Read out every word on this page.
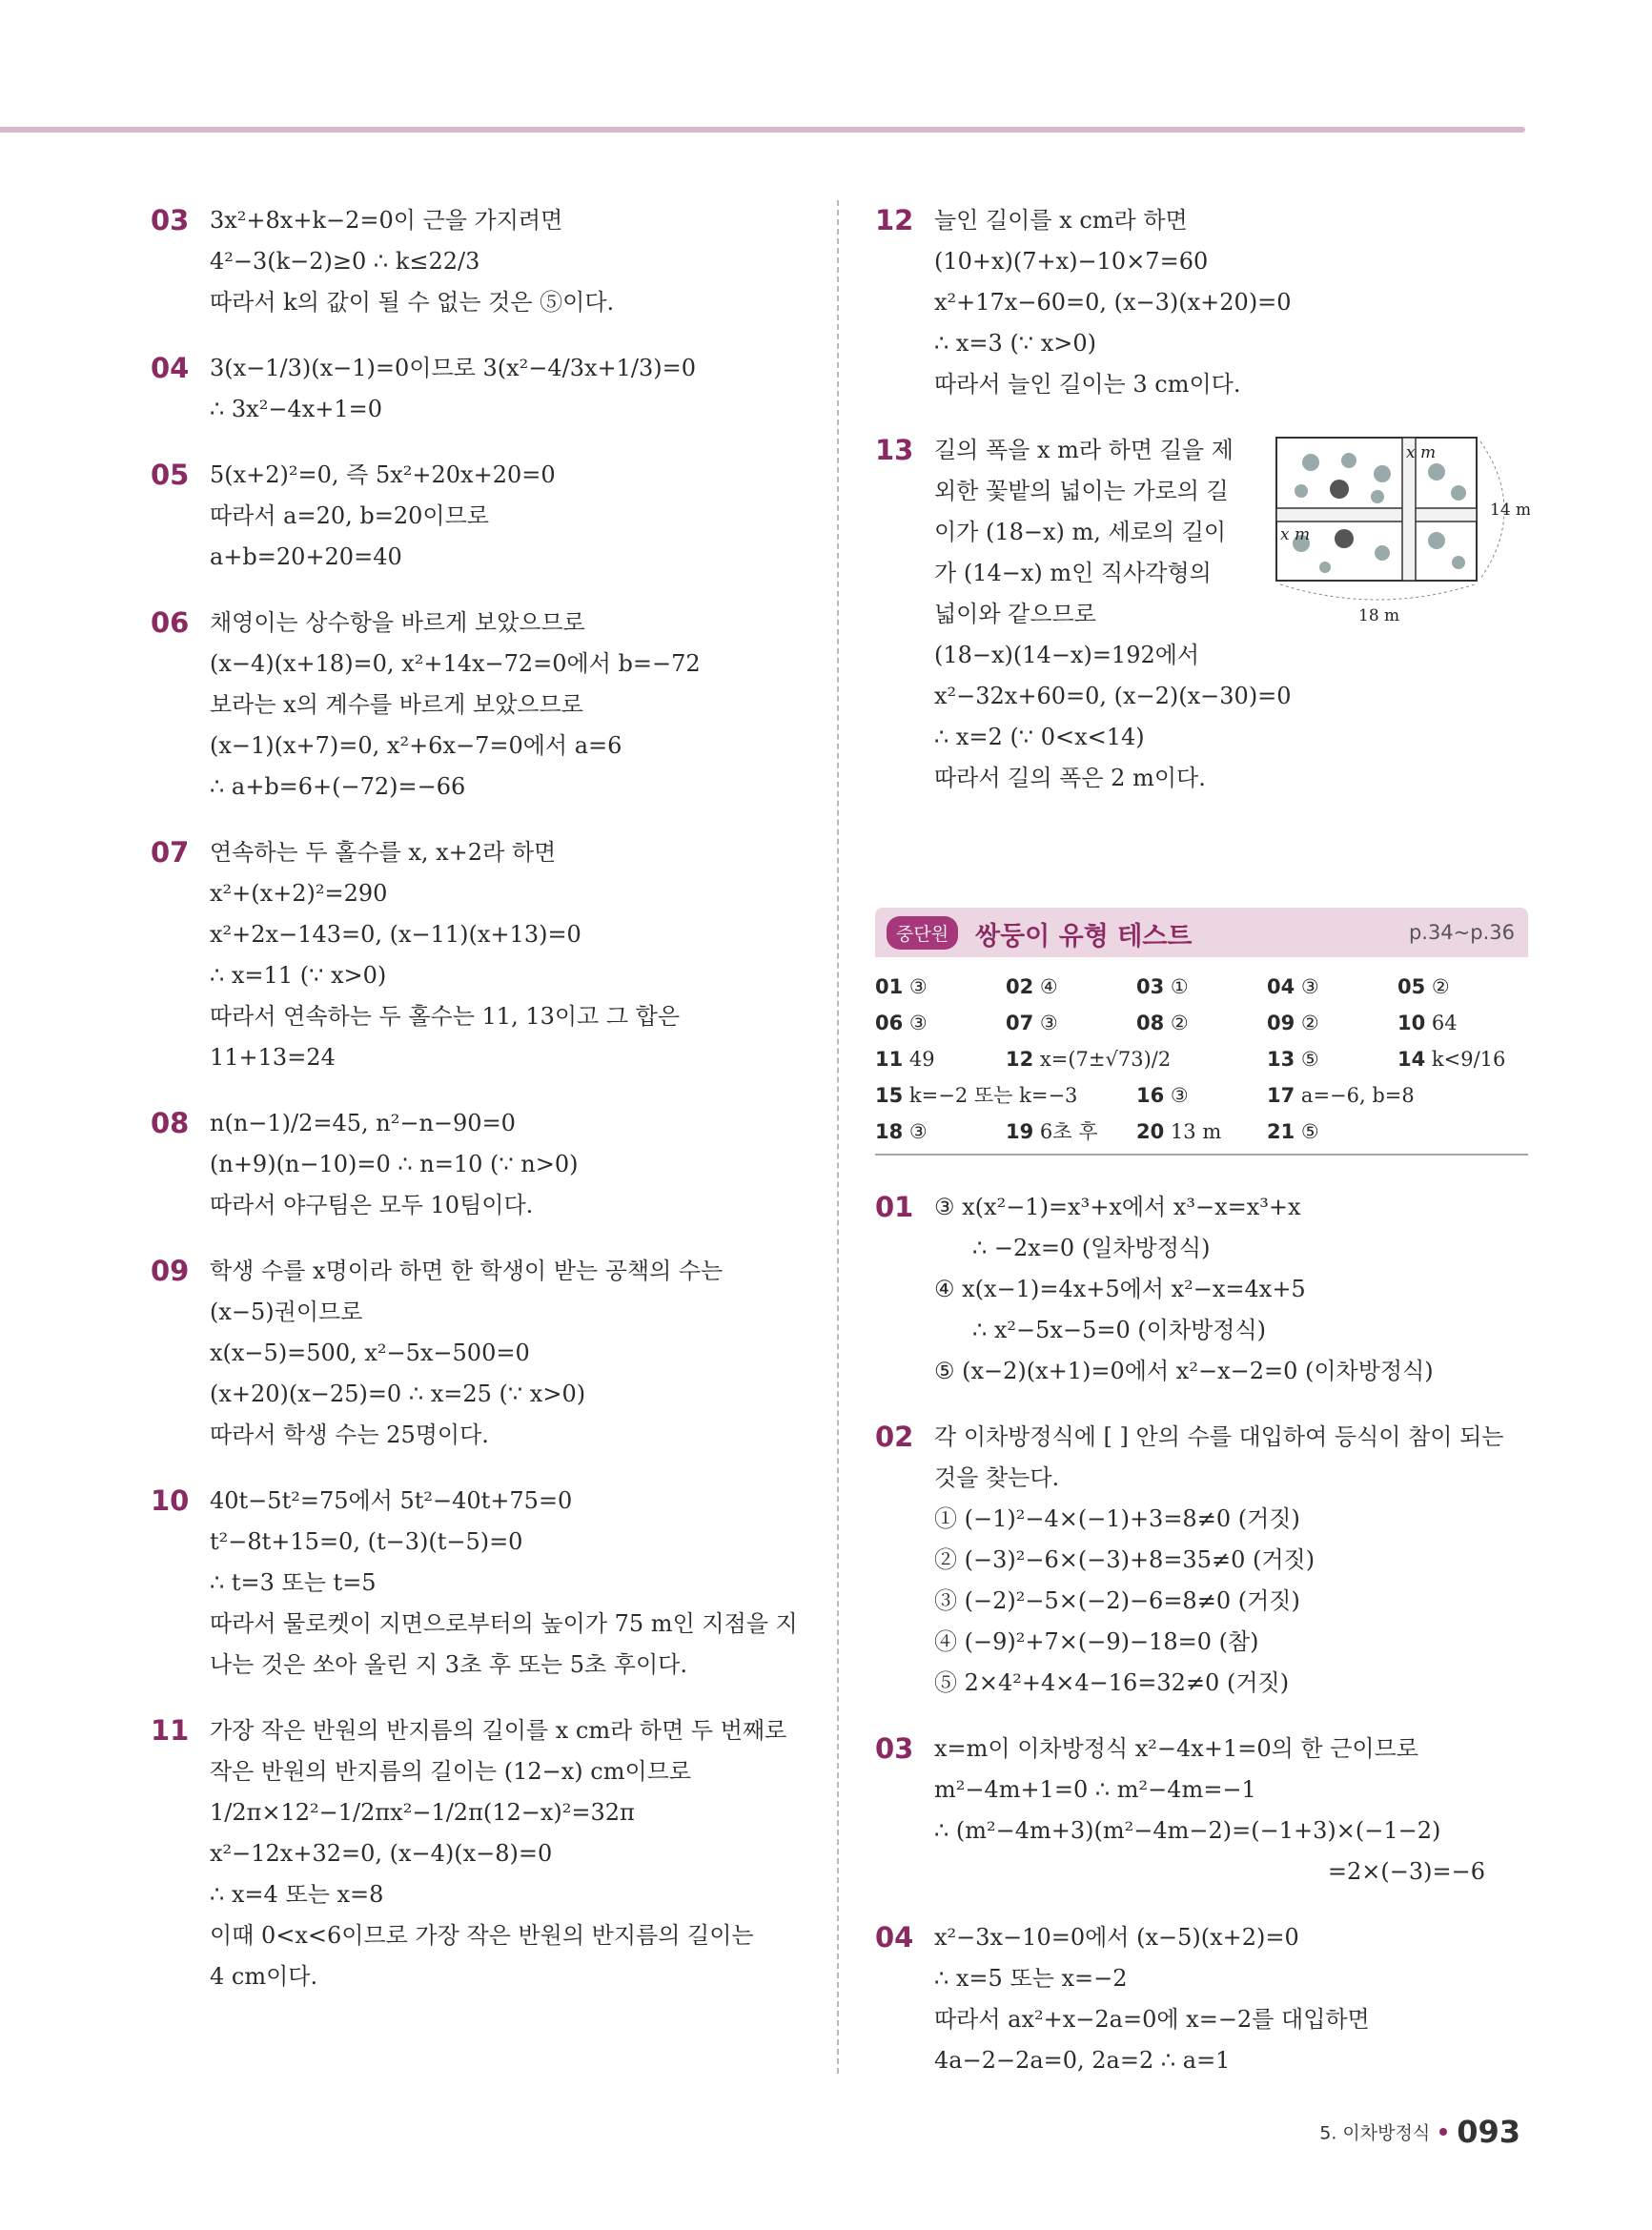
03 3x²+8x+k−2=0이 근을 가지려면
4²−3(k−2)≥0 ∴ k≤22/3
따라서 k의 값이 될 수 없는 것은 ⑤이다.
04 3(x−1/3)(x−1)=0이므로 3(x²−4/3x+1/3)=0
∴ 3x²−4x+1=0
05 5(x+2)²=0, 즉 5x²+20x+20=0
따라서 a=20, b=20이므로
a+b=20+20=40
06 채영이는 상수항을 바르게 보았으므로
(x−4)(x+18)=0, x²+14x−72=0에서 b=−72
보라는 x의 계수를 바르게 보았으므로
(x−1)(x+7)=0, x²+6x−7=0에서 a=6
∴ a+b=6+(−72)=−66
07 연속하는 두 홀수를 x, x+2라 하면
x²+(x+2)²=290
x²+2x−143=0, (x−11)(x+13)=0
∴ x=11 (∵ x>0)
따라서 연속하는 두 홀수는 11, 13이고 그 합은
11+13=24
08 n(n−1)/2=45, n²−n−90=0
(n+9)(n−10)=0 ∴ n=10 (∵ n>0)
따라서 야구팀은 모두 10팀이다.
09 학생 수를 x명이라 하면 한 학생이 받는 공책의 수는
(x−5)권이므로
x(x−5)=500, x²−5x−500=0
(x+20)(x−25)=0 ∴ x=25 (∵ x>0)
따라서 학생 수는 25명이다.
10 40t−5t²=75에서 5t²−40t+75=0
t²−8t+15=0, (t−3)(t−5)=0
∴ t=3 또는 t=5
따라서 물로켓이 지면으로부터의 높이가 75 m인 지점을 지
나는 것은 쏘아 올린 지 3초 후 또는 5초 후이다.
11 가장 작은 반원의 반지름의 길이를 x cm라 하면 두 번째로
작은 반원의 반지름의 길이는 (12−x) cm이므로
1/2π×12²−1/2πx²−1/2π(12−x)²=32π
x²−12x+32=0, (x−4)(x−8)=0
∴ x=4 또는 x=8
이때 0<x<6이므로 가장 작은 반원의 반지름의 길이는
4 cm이다.
12 늘인 길이를 x cm라 하면
(10+x)(7+x)−10×7=60
x²+17x−60=0, (x−3)(x+20)=0
∴ x=3 (∵ x>0)
따라서 늘인 길이는 3 cm이다.
13 길의 폭을 x m라 하면 길을 제
외한 꽃밭의 넓이는 가로의 길
이가 (18−x) m, 세로의 길이
가 (14−x) m인 직사각형의
넓이와 같으므로
(18−x)(14−x)=192에서
x²−32x+60=0, (x−2)(x−30)=0
∴ x=2 (∵ 0<x<14)
따라서 길의 폭은 2 m이다.
x m
x m
14 m
18 m
중단원	쌍둥이 유형 테스트	p.34~p.36
01 ③	02 ④	03 ①	04 ③	05 ②
06 ③	07 ③	08 ②	09 ②	10 64
11 49	12 x=(7±√73)/2	13 ⑤	14 k<9/16
15 k=−2 또는 k=−3	16 ③	17 a=−6, b=8
18 ③	19 6초 후	20 13 m	21 ⑤
01 ③ x(x²−1)=x³+x에서 x³−x=x³+x
∴ −2x=0 (일차방정식)
④ x(x−1)=4x+5에서 x²−x=4x+5
∴ x²−5x−5=0 (이차방정식)
⑤ (x−2)(x+1)=0에서 x²−x−2=0 (이차방정식)
02 각 이차방정식에 [ ] 안의 수를 대입하여 등식이 참이 되는
것을 찾는다.
① (−1)²−4×(−1)+3=8≠0 (거짓)
② (−3)²−6×(−3)+8=35≠0 (거짓)
③ (−2)²−5×(−2)−6=8≠0 (거짓)
④ (−9)²+7×(−9)−18=0 (참)
⑤ 2×4²+4×4−16=32≠0 (거짓)
03 x=m이 이차방정식 x²−4x+1=0의 한 근이므로
m²−4m+1=0 ∴ m²−4m=−1
∴ (m²−4m+3)(m²−4m−2)=(−1+3)×(−1−2)
=2×(−3)=−6
04 x²−3x−10=0에서 (x−5)(x+2)=0
∴ x=5 또는 x=−2
따라서 ax²+x−2a=0에 x=−2를 대입하면
4a−2−2a=0, 2a=2 ∴ a=1
5. 이차방정식 093
